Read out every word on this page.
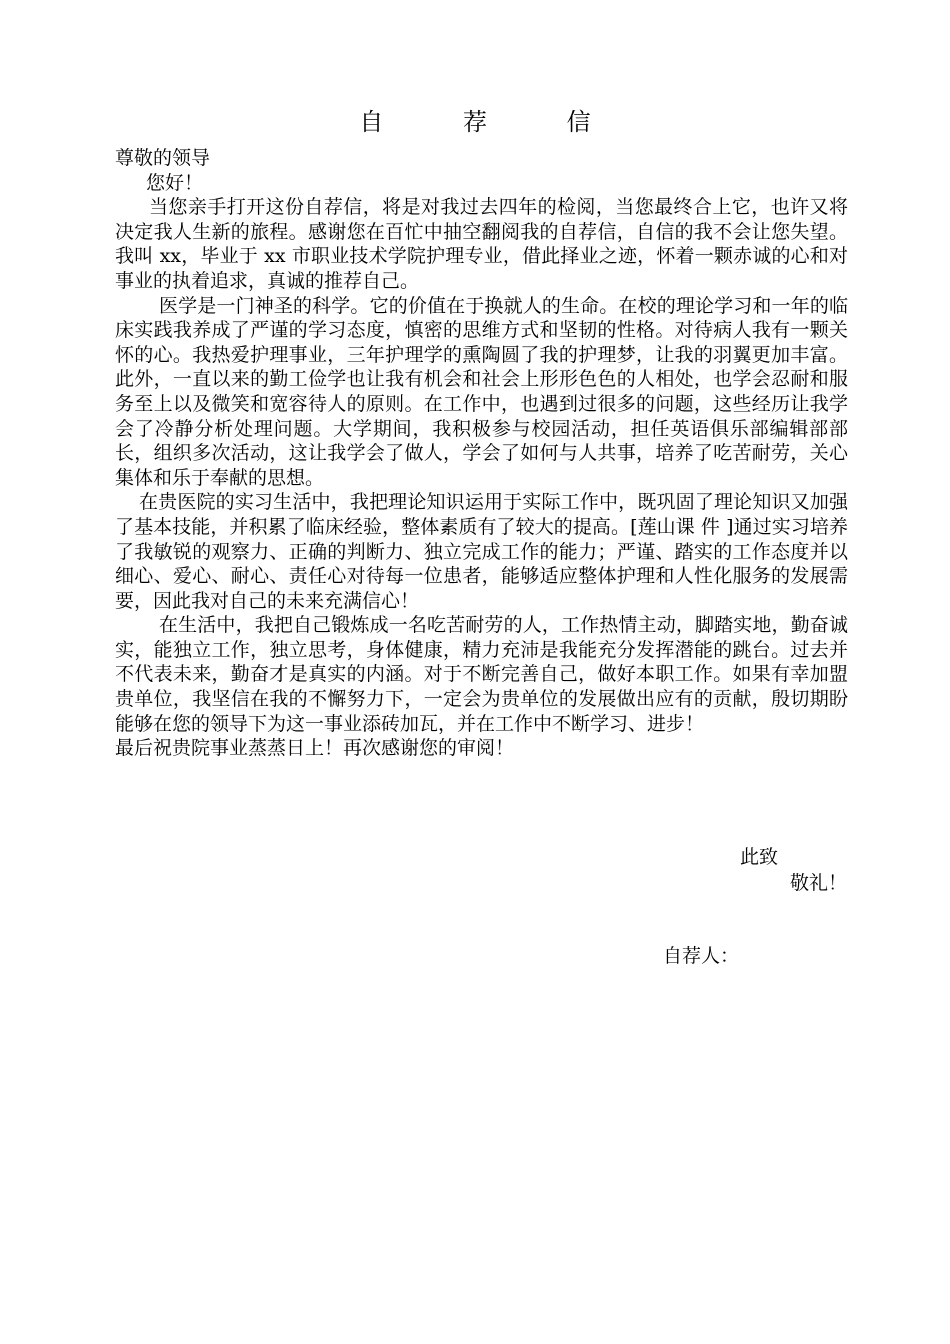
自 荐 信

尊敬的领导

您好！

当您亲手打开这份自荐信，将是对我过去四年的检阅，当您最终合上它，也许又将决定我人生新的旅程。感谢您在百忙中抽空翻阅我的自荐信，自信的我不会让您失望。我叫 xx，毕业于 xx 市职业技术学院护理专业，借此择业之迹，怀着一颗赤诚的心和对事业的执着追求，真诚的推荐自己。

医学是一门神圣的科学。它的价值在于换就人的生命。在校的理论学习和一年的临床实践我养成了严谨的学习态度，慎密的思维方式和坚韧的性格。对待病人我有一颗关怀的心。我热爱护理事业，三年护理学的熏陶圆了我的护理梦，让我的羽翼更加丰富。此外，一直以来的勤工俭学也让我有机会和社会上形形色色的人相处，也学会忍耐和服务至上以及微笑和宽容待人的原则。在工作中，也遇到过很多的问题，这些经历让我学会了冷静分析处理问题。大学期间，我积极参与校园活动，担任英语俱乐部编辑部部长，组织多次活动，这让我学会了做人，学会了如何与人共事，培养了吃苦耐劳，关心集体和乐于奉献的思想。

在贵医院的实习生活中，我把理论知识运用于实际工作中，既巩固了理论知识又加强了基本技能，并积累了临床经验，整体素质有了较大的提高。[莲山课 件 ]通过实习培养了我敏锐的观察力、正确的判断力、独立完成工作的能力；严谨、踏实的工作态度并以细心、爱心、耐心、责任心对待每一位患者，能够适应整体护理和人性化服务的发展需要，因此我对自己的未来充满信心！

在生活中，我把自己锻炼成一名吃苦耐劳的人，工作热情主动，脚踏实地，勤奋诚实，能独立工作，独立思考，身体健康，精力充沛是我能充分发挥潜能的跳台。过去并不代表未来，勤奋才是真实的内涵。对于不断完善自己，做好本职工作。如果有幸加盟贵单位，我坚信在我的不懈努力下，一定会为贵单位的发展做出应有的贡献，殷切期盼能够在您的领导下为这一事业添砖加瓦，并在工作中不断学习、进步！

最后祝贵院事业蒸蒸日上！再次感谢您的审阅！

此致
敬礼！
自荐人：
